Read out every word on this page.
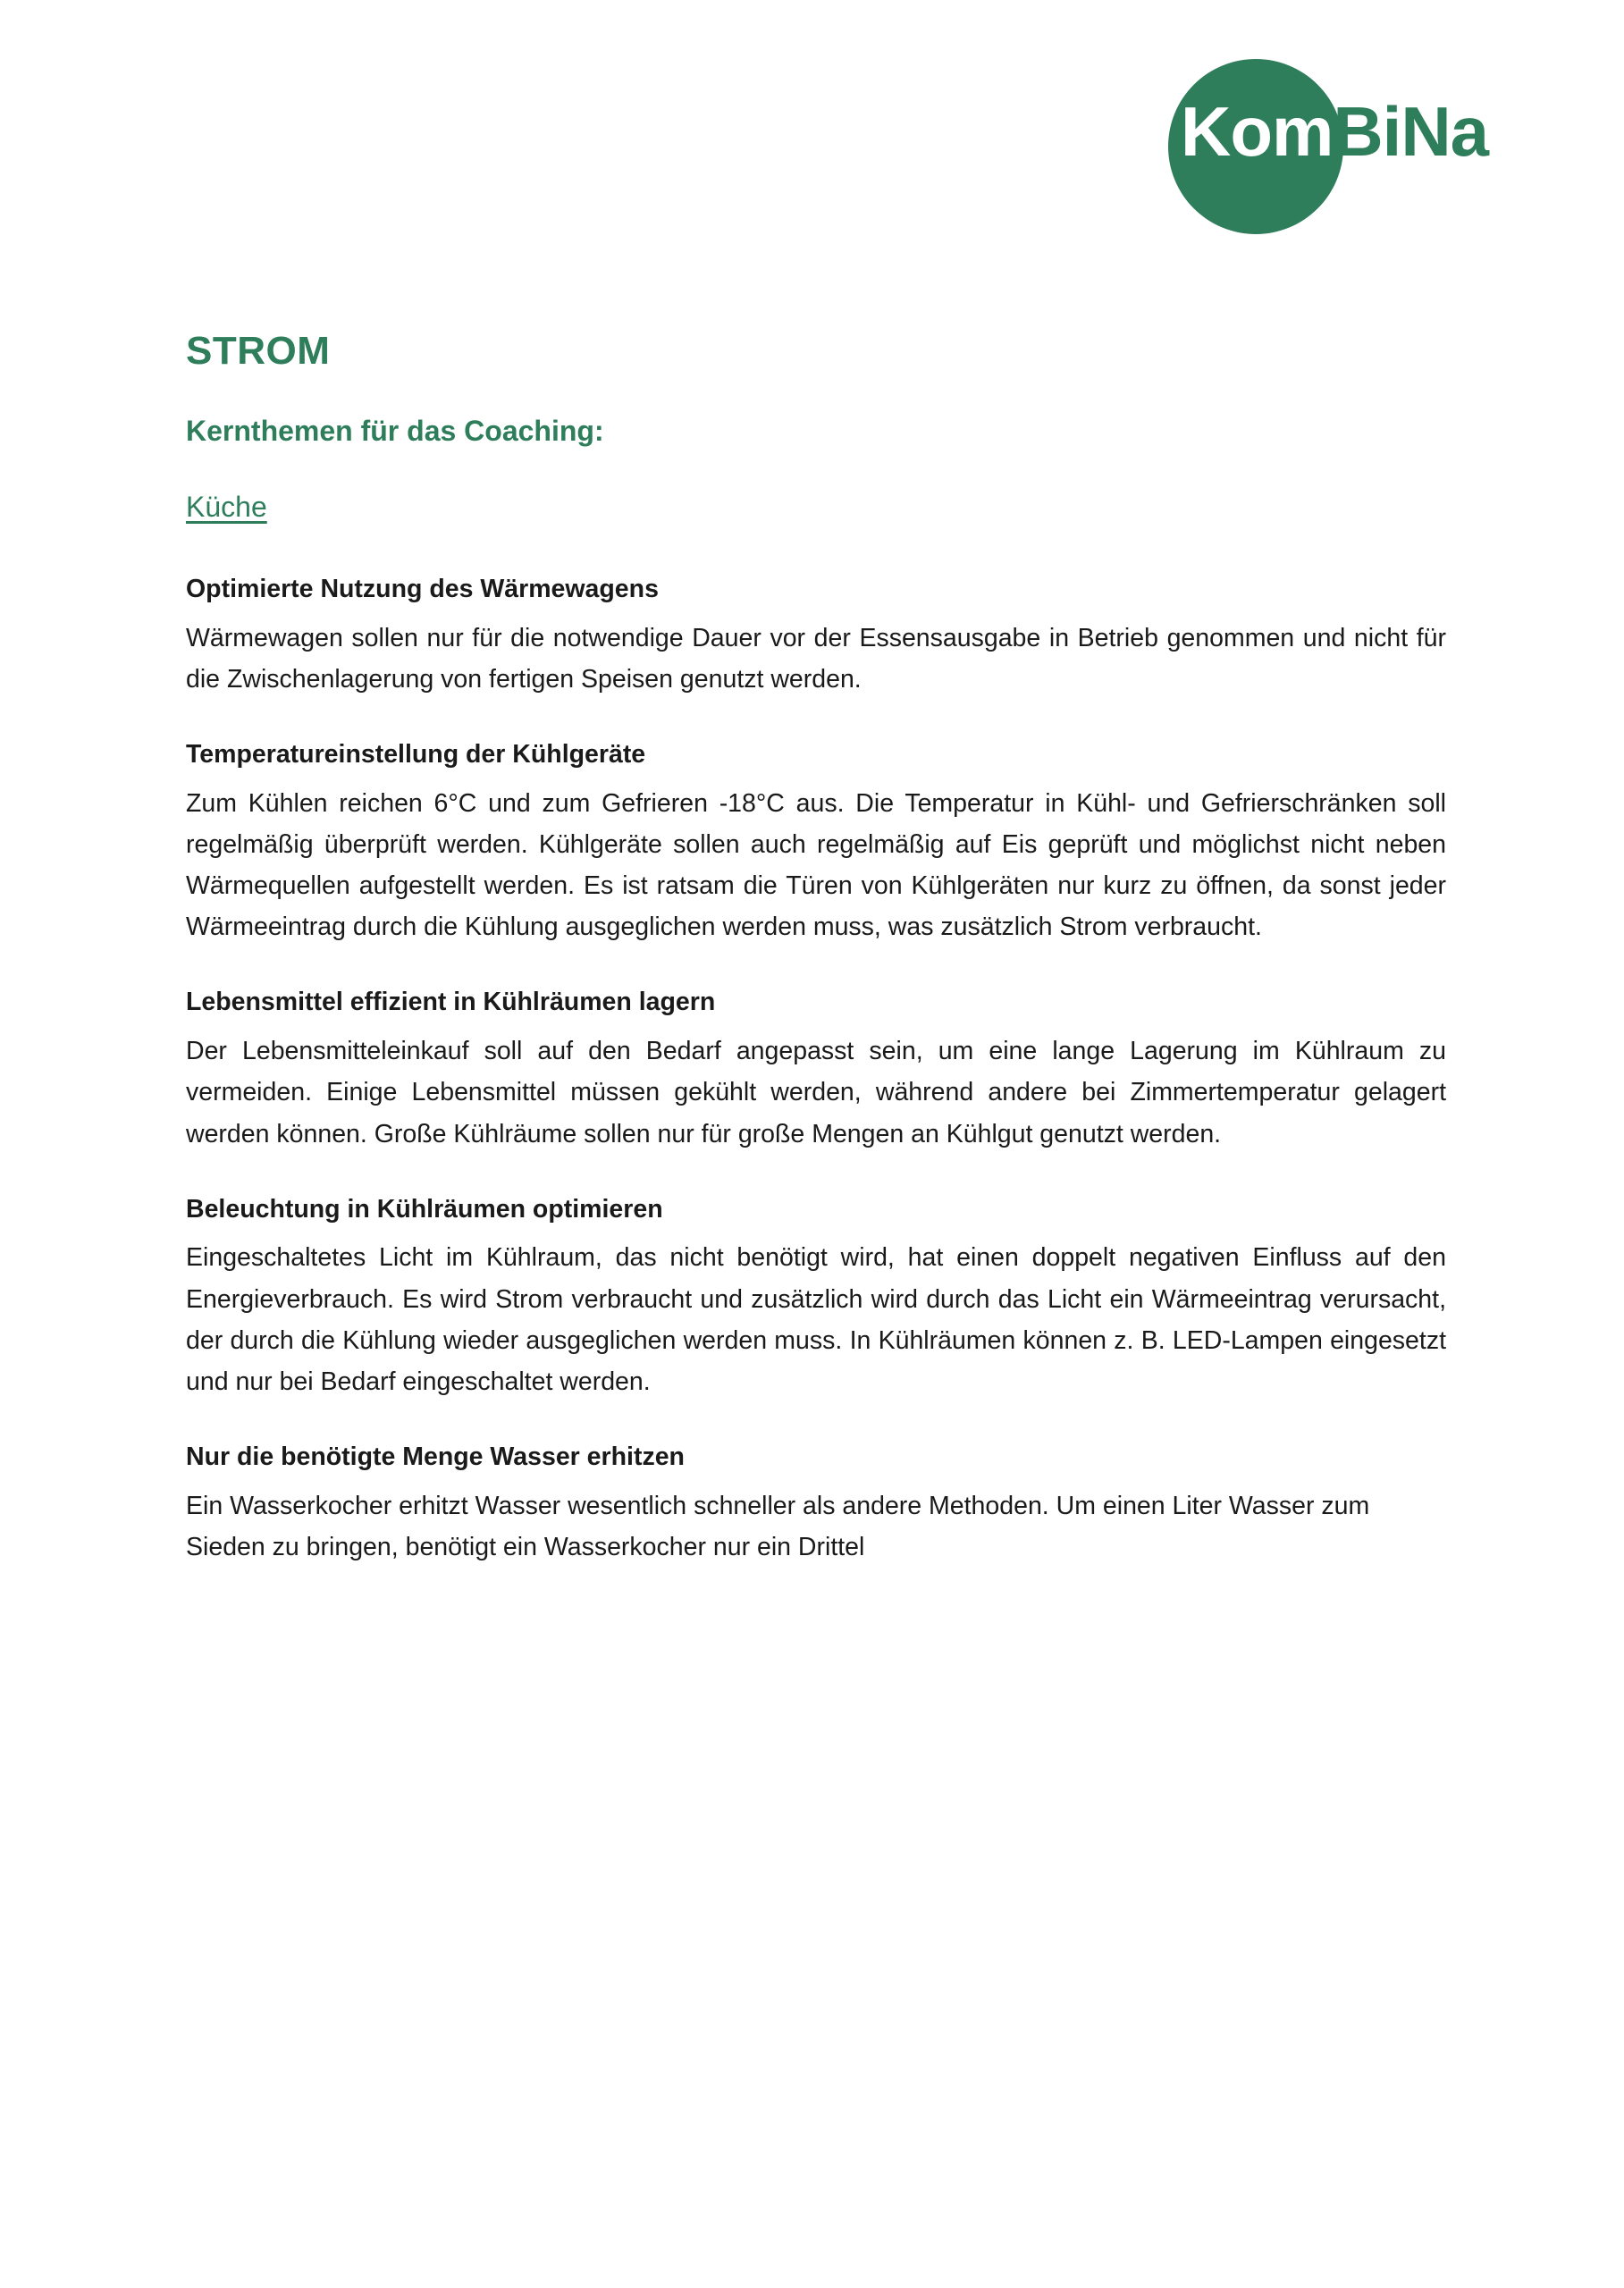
KomBiNa
STROM
Kernthemen für das Coaching:
Küche

Optimierte Nutzung des Wärmewagens

Wärmewagen sollen nur für die notwendige Dauer vor der Essensausgabe in Betrieb genommen und nicht für die Zwischenlagerung von fertigen Speisen genutzt werden.

Temperatureinstellung der Kühlgeräte

Zum Kühlen reichen 6°C und zum Gefrieren -18°C aus. Die Temperatur in Kühl- und Gefrierschränken soll regelmäßig überprüft werden. Kühlgeräte sollen auch regelmäßig auf Eis geprüft und möglichst nicht neben Wärmequellen aufgestellt werden. Es ist ratsam die Türen von Kühlgeräten nur kurz zu öffnen, da sonst jeder Wärmeeintrag durch die Kühlung ausgeglichen werden muss, was zusätzlich Strom verbraucht.

Lebensmittel effizient in Kühlräumen lagern

Der Lebensmitteleinkauf soll auf den Bedarf angepasst sein, um eine lange Lagerung im Kühlraum zu vermeiden. Einige Lebensmittel müssen gekühlt werden, während andere bei Zimmertemperatur gelagert werden können. Große Kühlräume sollen nur für große Mengen an Kühlgut genutzt werden.

Beleuchtung in Kühlräumen optimieren

Eingeschaltetes Licht im Kühlraum, das nicht benötigt wird, hat einen doppelt negativen Einfluss auf den Energieverbrauch. Es wird Strom verbraucht und zusätzlich wird durch das Licht ein Wärmeeintrag verursacht, der durch die Kühlung wieder ausgeglichen werden muss. In Kühlräumen können z. B. LED-Lampen eingesetzt und nur bei Bedarf eingeschaltet werden.

Nur die benötigte Menge Wasser erhitzen

Ein Wasserkocher erhitzt Wasser wesentlich schneller als andere Methoden. Um einen Liter Wasser zum Sieden zu bringen, benötigt ein Wasserkocher nur ein Drittel
